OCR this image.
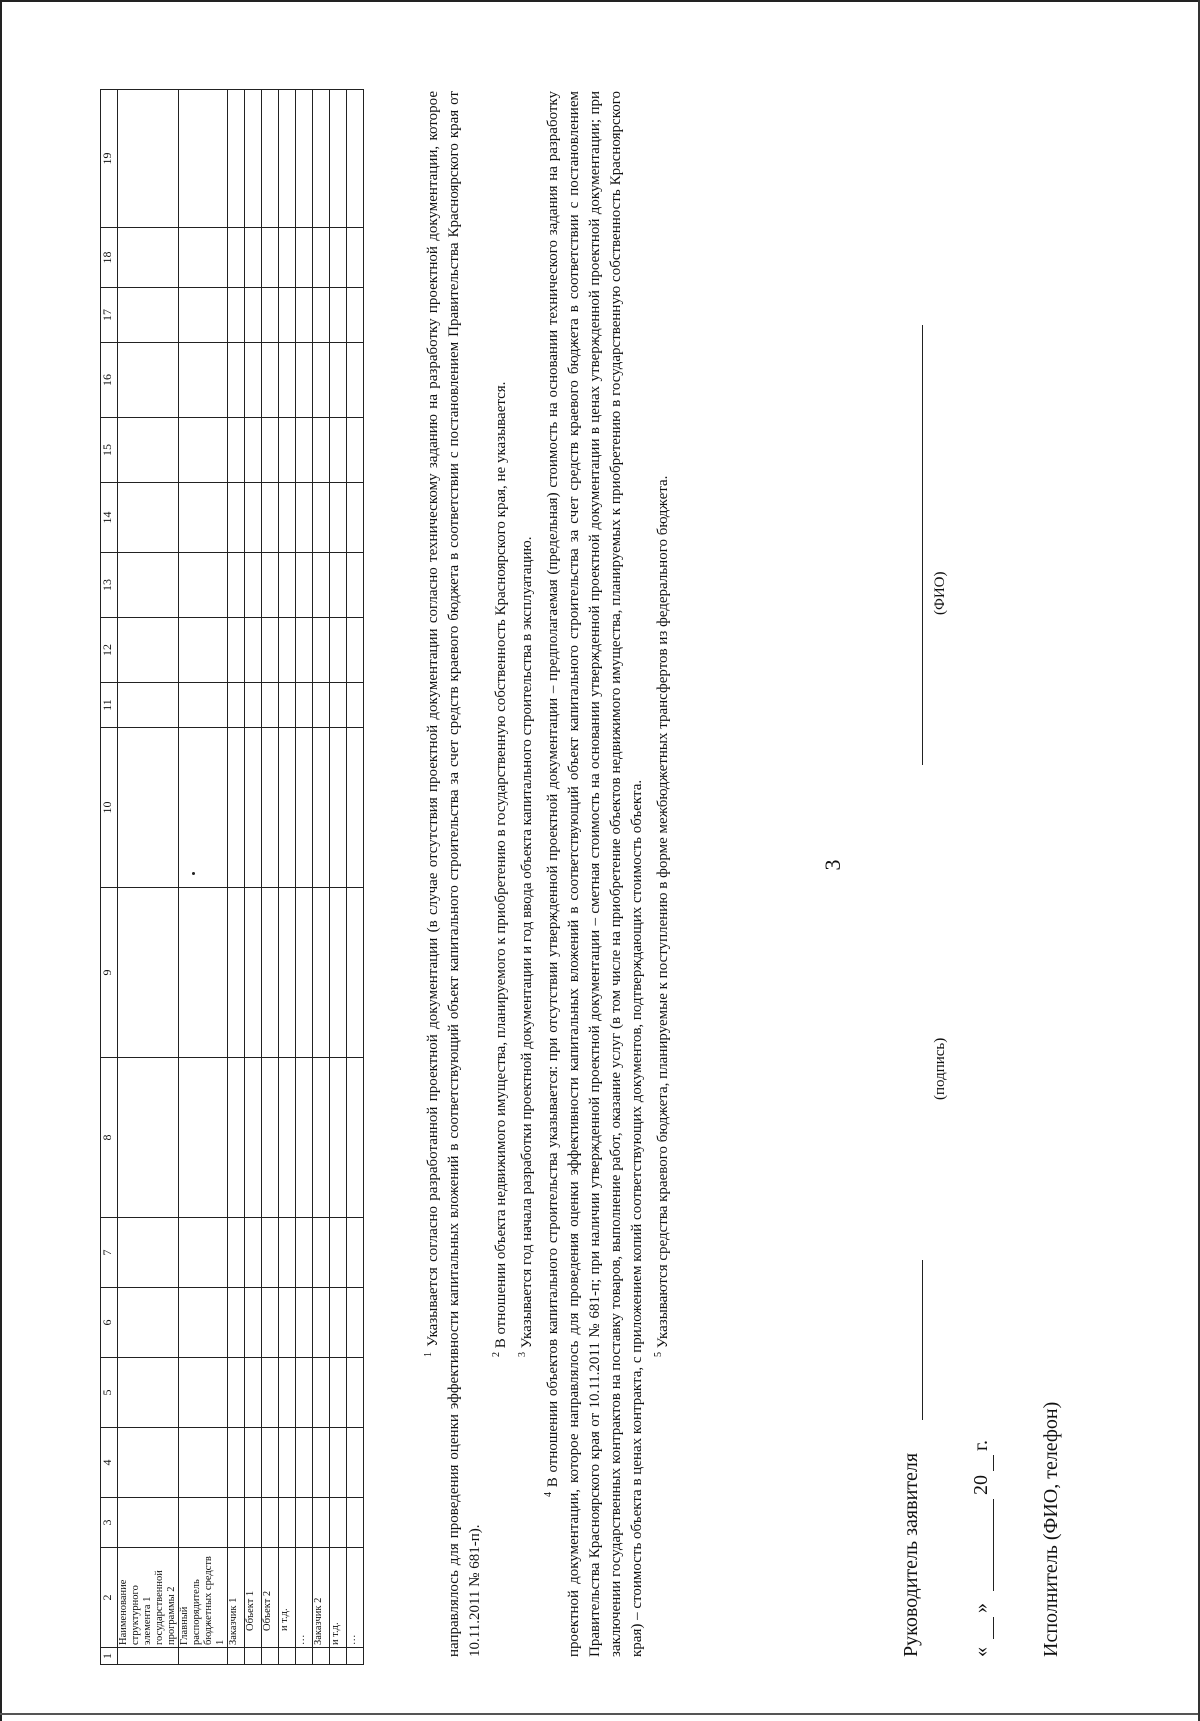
3
1	2	3	4	5	6	7	8	9	10	11	12	13	14	15	16	17	18	19
	Наименование структурного элемента 1 государственной программы 2																	
	Главный распорядитель бюджетных средств 1																	
	Заказчик 1																	
	Объект 1																	
	Объект 2																	
	и т.д.																	
	…																	
	Заказчик 2																	
	и т.д.																	
	…																	

$^1$ Указывается согласно разработанной проектной документации (в случае отсутствия проектной документации согласно техническому заданию на разработку проектной документации, которое направлялось для проведения оценки эффективности капитальных вложений в соответствующий объект капитального строительства за счет средств краевого бюджета в соответствии с постановлением Правительства Красноярского края от 10.11.2011 № 681-п).

$^2$ В отношении объекта недвижимого имущества, планируемого к приобретению в государственную собственность Красноярского края, не указывается.

$^3$ Указывается год начала разработки проектной документации и год ввода объекта капитального строительства в эксплуатацию.

$^4$ В отношении объектов капитального строительства указывается: при отсутствии утвержденной проектной документации – предполагаемая (предельная) стоимость на основании технического задания на разработку проектной документации, которое направлялось для проведения оценки эффективности капитальных вложений в соответствующий объект капитального строительства за счет средств краевого бюджета в соответствии с постановлением Правительства Красноярского края от 10.11.2011 № 681-п; при наличии утвержденной проектной документации – сметная стоимость на основании утвержденной проектной документации в ценах утвержденной проектной документации; при заключении государственных контрактов на поставку товаров, выполнение работ, оказание услуг (в том числе на приобретение объектов недвижимого имущества, планируемых к приобретению в государственную собственность Красноярского края) – стоимость объекта в ценах контракта, с приложением копий соответствующих документов, подтверждающих стоимость объекта. $^5$ Указываются средства краевого бюджета, планируемые к поступлению в форме межбюджетных трансфертов из федерального бюджета.

Руководитель заявителя
(подпись)
(ФИО)
«
»
20
г. Исполнитель (ФИО, телефон)
